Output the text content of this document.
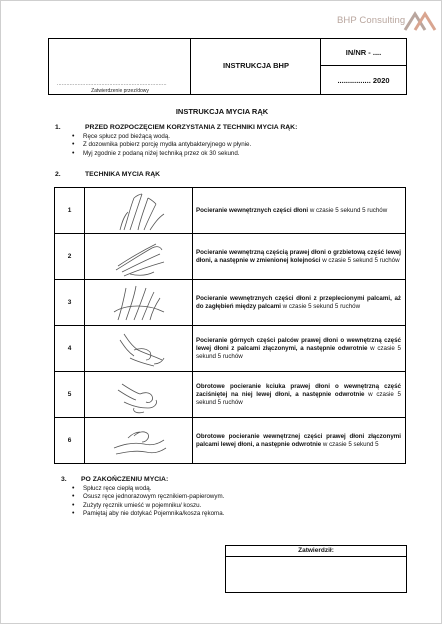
BHP Consulting
.....................................................................
Zatwierdzenie przez/dowy
INSTRUKCJA BHP
IN/NR - ....
................ 2020
INSTRUKCJA MYCIA RĄK
1.	PRZED ROZPOCZĘCIEM KORZYSTANIA Z TECHNIKI MYCIA RĄK:
• Ręce spłucz pod bieżącą wodą.
• Z dozownika pobierz porcję mydła antybakteryjnego w płynie.
• Myj zgodnie z podaną niżej techniką przez ok 30 sekund.
2.	TECHNIKA MYCIA RĄK
1		Pocieranie wewnętrznych części dłoni w czasie 5 sekund 5 ruchów
2		Pocieranie wewnętrzną częścią prawej dłoni o grzbietową część lewej dłoni, a następnie w zmienionej kolejności w czasie 5 sekund 5 ruchów
3		Pocieranie wewnętrznych części dłoni z przeplecionymi palcami, aż do zagłębień między palcami w czasie 5 sekund 5 ruchów
4		Pocieranie górnych części palców prawej dłoni o wewnętrzną część lewej dłoni z palcami złączonymi, a następnie odwrotnie w czasie 5 sekund 5 ruchów
5		Obrotowe pocieranie kciuka prawej dłoni o wewnętrzną część zaciśniętej na niej lewej dłoni, a następnie odwrotnie w czasie 5 sekund 5 ruchów
6		Obrotowe pocieranie wewnętrznej części prawej dłoni złączonymi palcami lewej dłoni, a następnie odwrotnie w czasie 5 sekund 5
3. PO ZAKOŃCZENIU MYCIA:
• Spłucz ręce ciepłą wodą.
• Osusz ręce jednorazowym ręcznikiem-papierowym.
• Zużyty ręcznik umieść w pojemniku/ koszu.
• Pamiętaj aby nie dotykać Pojemnika/kosza rękoma.
Zatwierdził:
